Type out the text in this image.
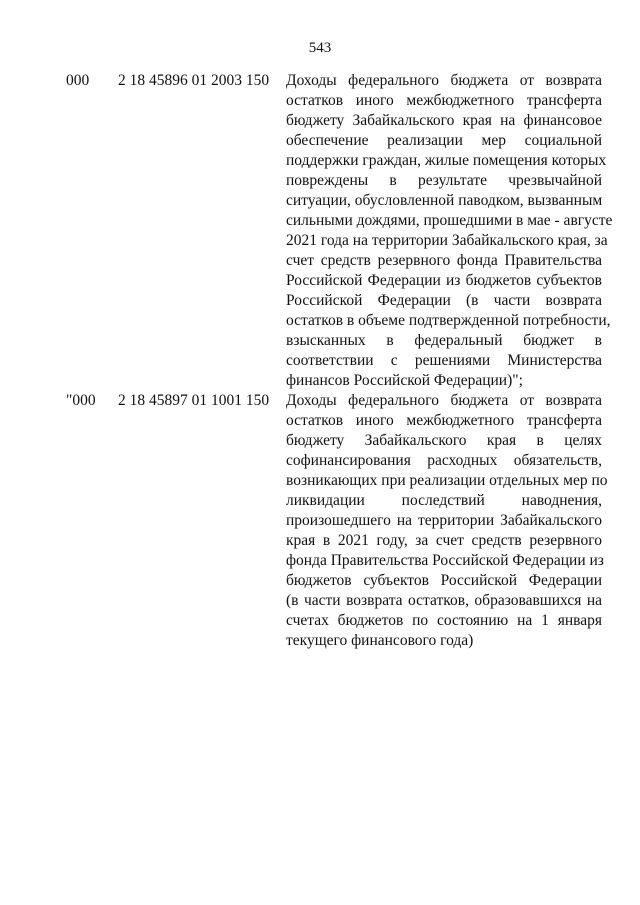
543
000 2 18 45896 01 2003 150 Доходы федерального бюджета от возврата
остатков иного межбюджетного трансферта
бюджету Забайкальского края на финансовое
обеспечение реализации мер социальной
поддержки граждан, жилые помещения которых
повреждены в результате чрезвычайной
ситуации, обусловленной паводком, вызванным
сильными дождями, прошедшими в мае - августе
2021 года на территории Забайкальского края, за
счет средств резервного фонда Правительства
Российской Федерации из бюджетов субъектов
Российской Федерации (в части возврата
остатков в объеме подтвержденной потребности,
взысканных в федеральный бюджет в
соответствии с решениями Министерства
финансов Российской Федерации)";
"000 2 18 45897 01 1001 150 Доходы федерального бюджета от возврата
остатков иного межбюджетного трансферта
бюджету Забайкальского края в целях
софинансирования расходных обязательств,
возникающих при реализации отдельных мер по
ликвидации последствий наводнения,
произошедшего на территории Забайкальского
края в 2021 году, за счет средств резервного
фонда Правительства Российской Федерации из
бюджетов субъектов Российской Федерации
(в части возврата остатков, образовавшихся на
счетах бюджетов по состоянию на 1 января
текущего финансового года)
